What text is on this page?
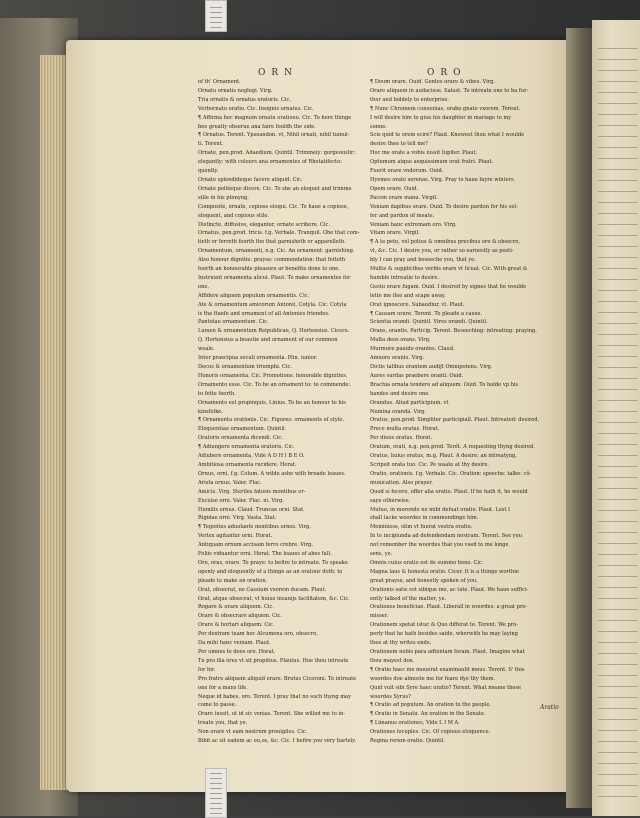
ORN	ORO
of th' Ornament.
Ornatu ornatis neglegi. Virg.
Tria ornatis & ornatus oratoris. Cic.
Verbornatu oratio. Cic. Insignis ornatus. Cic.
¶ Affirma hec magnum ornatu oratioeu. Cic. To here thinge
bee greatly ohserue ana faire fouldh the side.
¶ Ornatus. Terent. Ypseandon. vt, Nihil ornati, nihil tumul-
ti. Terent.
Ornate, pen.prod. Adaedium. Quintil. Trimmely: gorgeouslir:
elegantly: with colours ana ornamentes of Rhetatifecto:
quently.
Ornate splendideque facere aliquid. Cic.
Ornate politeque dicere. Cic. To sbe an eloquet and trimme
stile in his ptonyng.
Composite, ornate, copiose eloqui. Cic. To haue a copiose,
eloquent, and copious stile.
Distincte, diffusive, eleganter, ornate scribere. Cic.
Ornatus, pen.prod. tricis. f.g. Verbale. Tranquil. Ohe that com-
tieth or ferreth foorth the that garnisheth or apparelleth.
Ornamentum, ornamenti, n.g. Cic. An ornament: garnishing.
Also honour dignitie: prayse: commendation: that fetteth
foorth an honourable pleasure ar benefite done to one.
Instruunt ornamenta alicui. Plaut. To make ornamentes for
one.
Affidere aliquem populum ornamentis. Cic.
Ate & ornamentum amicorum Antonii, Cotyla. Cic. Cotyla
is the ftaefe and ornament of all Antonies friendes.
Pantotae ornamentum. Cic.
Lumen & ornamentum Reipublicae, Q. Hortensius. Cicero.
Q. Hortensius a beautie and ornament of our common
weale.
Inter praecipua seculi ornamenta. Plin. iunior.
Decus & ornamentum triumphi. Cic.
Honoris ornamenta. Cic. Promotions: honorable dignities.
Ornamento esse. Cic. To be an ornament to: to commende:
to fette foorth.
Ornamento est propinquis, Linius. To be an honour to his
kinsfolke.
¶ Ornamenta orationis. Cic. Figures: ornaments of style.
Eloquentiae ornamentum. Quintil.
Oratoris ornamenta dicendi. Cic.
¶ Adiungere ornamenta oratoris. Cic.
Adiubere ornamenta, Vide A D H I B E O.
Ambitiosa ornamenta recidere. Horat.
Ornus, orni, f.g. Colum. A wilde ashe with broade leaues.
Arista ornus. Valer. Flac.
Amicis. Virg. Steriles fatosis montibus or-
Excelse orni. Valer. Flac. ni. Virg.
Humilis ornus. Claud. Truncae orni. Stat.
Rigidae orni. Virg. Vasta. Stat.
¶ Tegentes aduolante montibus ornos. Virg.
Vertex agitantur orni. Horat.
Antiquam ornum accisam ferro crebre. Virg.
Foliis viduantur orni. Horat. The leaues of ahes fall.
Oro, oras, orare. To praye: to befire to intreate. To speake
openly and eloquently of a thinge as an oratour doth: to
pleade to make an oration.
Orat, obsecrat, ne Cassium vxorem ducam. Plaut.
Orat, atque obsecrat, vt huius insanijs facilitatem, &c. Cic.
Rogare & orare aliquem. Cic.
Orare & obsecrare aliquem. Cic.
Orare & hortari aliquem. Cic.
Per dextram tuam hoc Alcumena oro, obsecro,
Da mihi hanc veniam. Plaut.
Per omnes te deos oro. Horat.
Tu pro illa ores vt sit propitius. Plautus. Hoe thou intreate
for hir.
Pro fratre aliquem aliquid orare. Brutus Ciceroni. To intreate
one for a mans life.
Neque id habes, oro. Terent. I pray that no such thyng may
come to passe.
Orare iussit, ut id sic venias. Terent. She willed me to in-
treate you, that ye.
Non orare vt eam nostrum prouigiles. Cic.
Bibit ac sit eadem ac ou,os, &c. Cic. I befire you very hartely.
¶ Deum orare. Ouid. Gentes orare & vibes. Virg.
Orare aliquem in audacisse. Salust. To intreate one to ba fur-
ther and boldely to enterprise.
¶ Nunc Chremem conuenias, orabo gnato vxorem. Terent.
I will desire him to giue his daughter in mariage to my
sonne.
Scis quid te orem scire? Plaut. Knowest thou what I woulde
desire thee to tell me?
Hoc me orate a vobis iussit Iupiter. Plaut.
Optumum atque aequissimum orat fratri. Plaut.
Fuerit orare vndorum. Ouid.
Hyemes orate serenas. Virg. Pray to haue fayre winters.
Opem orare. Ouid.
Pacem orare manu. Virgil.
Veniam dapibus orare. Ouid. To desire pardon for his sel-
fer and pardon of meate.
Veniam hanc extremam oro. Virg.
Vitam orare. Virgil.
¶ A te peto, vel potius & omnibus precibus oro & obsecro,
vt, &c. Cic. I desire you, or rather so earnestly as posti-
bly I can pray and beseeche you, that ye.
Multis & supplicibus verbis orare vt liceat. Cic. With great &
humble intreatie to desire.
Gestu orare fugam. Ouid. I desired by signes that he woulde
lette me flee and scape away.
Orat ignoscere. Subaudiur, vt. Plaut.
¶ Causam orare. Terent. To pleade a cause.
Scientia orandi. Quintil. Vires orandi. Quintil.
Orans, orantis. Particip. Terent. Beseeching: intreating: praying.
Multa deos orans. Virg.
Murmure pauido orantes. Claud.
Amnore orants. Virg.
Dictis talibus orantem audijt Omnipotens. Virg.
Aures surdas praebere oranti. Ouid.
Brachia ornata tendere ad aliquem. Ouid. To holde vp his
handes and desire one.
Orandus. Aliud participium. vt
Numina oranda. Virg.
Oratus, pen.prod. Simpliter participiall. Plaut. Intreated: desired.
Prece multa oratus. Horat.
Per diuos oratus. Horat.
Oratum, orati, n.g. pen.prod. Terét. A requesting thyng desired.
Oratus, huius oratus, m.g. Plaut. A desire: an intreatyng.
Scripsit orata tuo. Cic. Pe waate at thy desire.
Oratio, orationis. f.g. Verbale. Cic. Oration: speeche: talke: cõ-
munication. Also prayer.
Quod si fecere, offer alia oratio. Plaut. If he hath it, he would
saye otherwise.
Mutuo, in morendo ne mibi defuat oratio. Plaut. Lest I
shall lacke woordes in commendinge him.
Meminisse, olim vt fuerat vestra oratio.
In te incipiunda ad defendendam nostram. Terent. See you
not remember the woordes that you vsed to me longe
sens, ye.
Omnis cuius oratio est de summo bono. Cic.
Magna laus & honesta oratio. Cicer. It is a thinge worthie
great prayse, and honestly spoken of you.
Orationis satis est sibique me, ac tate. Plaut. We haue suffici-
ently talked of the matter, ye.
Orationes beneficiae. Plaut. Liberall in woordes: a great pro-
misser.
Orationem spetat istuc & Quo differat te. Terent. We pro-
perly that he hath besides saide, wherwith he may laying
thee at thy writes ende.
Orationem nobis para adtentam foram. Plaut. Imagine what
thou mayest doe.
¶ Oratio haec me mouerat examinaulit meus. Terent. S' this
woordes doe almoste me for feare dye thy them.
Quid vult sibi Syre haec oratio? Terent. What meane these
woordes Syrus?
¶ Oratio ad populum. An oration to the people.
¶ Oratio in Senatu. An oration in the Senate.
¶ Limanus orationes, Vide L I M A.
Orationes locuples. Cic. Of copious eloquence.
Regina rerum oratio. Quintil.
Aratio
